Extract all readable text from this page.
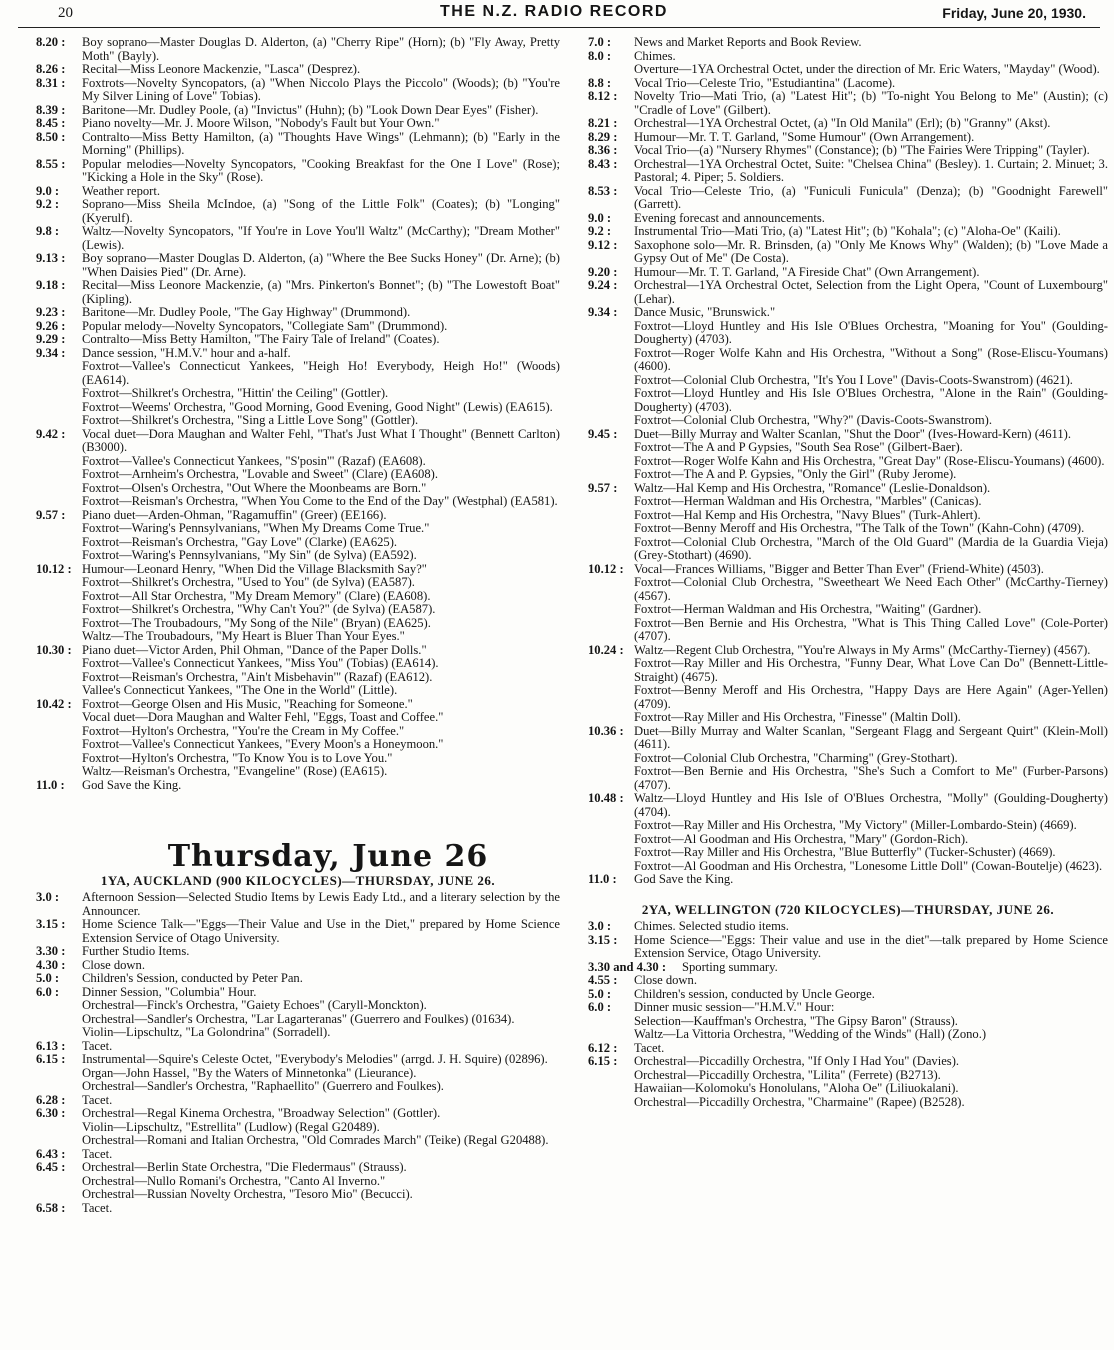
20	THE N.Z. RADIO RECORD	Friday, June 20, 1930.
8.20 : Boy soprano—Master Douglas D. Alderton, (a) "Cherry Ripe" (Horn); (b) "Fly Away, Pretty Moth" (Bayly).
8.26 : Recital—Miss Leonore Mackenzie, "Lasca" (Desprez).
8.31 : Foxtrots—Novelty Syncopators, (a) "When Niccolo Plays the Piccolo" (Woods); (b) "You're My Silver Lining of Love" Tobias).
8.39 : Baritone—Mr. Dudley Poole, (a) "Invictus" (Huhn); (b) "Look Down Dear Eyes" (Fisher).
8.45 : Piano novelty—Mr. J. Moore Wilson, "Nobody's Fault but Your Own."
8.50 : Contralto—Miss Betty Hamilton, (a) "Thoughts Have Wings" (Lehmann); (b) "Early in the Morning" (Phillips).
8.55 : Popular melodies—Novelty Syncopators, "Cooking Breakfast for the One I Love" (Rose); "Kicking a Hole in the Sky" (Rose).
9.0 : Weather report.
9.2 : Soprano—Miss Sheila McIndoe, (a) "Song of the Little Folk" (Coates); (b) "Longing" (Kyerulf).
9.8 : Waltz—Novelty Syncopators, "If You're in Love You'll Waltz" (McCarthy); "Dream Mother" (Lewis).
9.13 : Boy soprano—Master Douglas D. Alderton, (a) "Where the Bee Sucks Honey" (Dr. Arne); (b) "When Daisies Pied" (Dr. Arne).
9.18 : Recital—Miss Leonore Mackenzie, (a) "Mrs. Pinkerton's Bonnet"; (b) "The Lowestoft Boat" (Kipling).
9.23 : Baritone—Mr. Dudley Poole, "The Gay Highway" (Drummond).
9.26 : Popular melody—Novelty Syncopators, "Collegiate Sam" (Drummond).
9.29 : Contralto—Miss Betty Hamilton, "The Fairy Tale of Ireland" (Coates).
9.34 : Dance session, "H.M.V." hour and a-half.
Foxtrot—Vallee's Connecticut Yankees, "Heigh Ho! Everybody, Heigh Ho!" (Woods) (EA614).
Foxtrot—Shilkret's Orchestra, "Hittin' the Ceiling" (Gottler).
Foxtrot—Weems' Orchestra, "Good Morning, Good Evening, Good Night" (Lewis) (EA615).
Foxtrot—Shilkret's Orchestra, "Sing a Little Love Song" (Gottler).
9.42 : Vocal duet—Dora Maughan and Walter Fehl, "That's Just What I Thought" (Bennett Carlton) (B3000).
Foxtrot—Vallee's Connecticut Yankees, "S'posin'" (Razaf) (EA608).
Foxtrot—Arnheim's Orchestra, "Lovable and Sweet" (Clare) (EA608).
Foxtrot—Olsen's Orchestra, "Out Where the Moonbeams are Born."
Foxtrot—Reisman's Orchestra, "When You Come to the End of the Day" (Westphal) (EA581).
9.57 : Piano duet—Arden-Ohman, "Ragamuffin" (Greer) (EE166).
Foxtrot—Waring's Pennsylvanians, "When My Dreams Come True."
Foxtrot—Reisman's Orchestra, "Gay Love" (Clarke) (EA625).
Foxtrot—Waring's Pennsylvanians, "My Sin" (de Sylva) (EA592).
10.12 : Humour—Leonard Henry, "When Did the Village Blacksmith Say?"
Foxtrot—Shilkret's Orchestra, "Used to You" (de Sylva) (EA587).
Foxtrot—All Star Orchestra, "My Dream Memory" (Clare) (EA608).
Foxtrot—Shilkret's Orchestra, "Why Can't You?" (de Sylva) (EA587).
Foxtrot—The Troubadours, "My Song of the Nile" (Bryan) (EA625).
Waltz—The Troubadours, "My Heart is Bluer Than Your Eyes."
10.30 : Piano duet—Victor Arden, Phil Ohman, "Dance of the Paper Dolls."
Foxtrot—Vallee's Connecticut Yankees, "Miss You" (Tobias) (EA614).
Foxtrot—Reisman's Orchestra, "Ain't Misbehavin'" (Razaf) (EA612).
Vallee's Connecticut Yankees, "The One in the World" (Little).
10.42 : Foxtrot—George Olsen and His Music, "Reaching for Someone."
Vocal duet—Dora Maughan and Walter Fehl, "Eggs, Toast and Coffee."
Foxtrot—Hylton's Orchestra, "You're the Cream in My Coffee."
Foxtrot—Vallee's Connecticut Yankees, "Every Moon's a Honeymoon."
Foxtrot—Hylton's Orchestra, "To Know You is to Love You."
Waltz—Reisman's Orchestra, "Evangeline" (Rose) (EA615).
11.0 : God Save the King.
Thursday, June 26
1YA, AUCKLAND (900 KILOCYCLES)—THURSDAY, JUNE 26.
3.0 : Afternoon Session—Selected Studio Items by Lewis Eady Ltd., and a literary selection by the Announcer.
3.15 : Home Science Talk—"Eggs—Their Value and Use in the Diet," prepared by Home Science Extension Service of Otago University.
3.30 : Further Studio Items.
4.30 : Close down.
5.0 : Children's Session, conducted by Peter Pan.
6.0 : Dinner Session, "Columbia" Hour.
Orchestral—Finck's Orchestra, "Gaiety Echoes" (Caryll-Monckton).
Orchestral—Sandler's Orchestra, "Lar Lagarteranas" (Guerrero and Foulkes) (01634).
Violin—Lipschultz, "La Golondrina" (Sorradell).
6.13 : Tacet.
6.15 : Instrumental—Squire's Celeste Octet, "Everybody's Melodies" (arrgd. J. H. Squire) (02896).
Organ—John Hassel, "By the Waters of Minnetonka" (Lieurance).
Orchestral—Sandler's Orchestra, "Raphaellito" (Guerrero and Foulkes).
6.28 : Tacet.
6.30 : Orchestral—Regal Kinema Orchestra, "Broadway Selection" (Gottler).
Violin—Lipschultz, "Estrellita" (Ludlow) (Regal G20489).
Orchestral—Romani and Italian Orchestra, "Old Comrades March" (Teike) (Regal G20488).
6.43 : Tacet.
6.45 : Orchestral—Berlin State Orchestra, "Die Fledermaus" (Strauss).
Orchestral—Nullo Romani's Orchestra, "Canto Al Inverno."
Orchestral—Russian Novelty Orchestra, "Tesoro Mio" (Becucci).
6.58 : Tacet.
7.0 : News and Market Reports and Book Review.
8.0 : Chimes.
Overture—1YA Orchestral Octet, under the direction of Mr. Eric Waters, "Mayday" (Wood).
8.8 : Vocal Trio—Celeste Trio, "Estudiantina" (Lacome).
8.12 : Novelty Trio—Mati Trio, (a) "Latest Hit"; (b) "To-night You Belong to Me" (Austin); (c) "Cradle of Love" (Gilbert).
8.21 : Orchestral—1YA Orchestral Octet, (a) "In Old Manila" (Erl); (b) "Granny" (Akst).
8.29 : Humour—Mr. T. T. Garland, "Some Humour" (Own Arrangement).
8.36 : Vocal Trio—(a) "Nursery Rhymes" (Constance); (b) "The Fairies Were Tripping" (Tayler).
8.43 : Orchestral—1YA Orchestral Octet, Suite: "Chelsea China" (Besley). 1. Curtain; 2. Minuet; 3. Pastoral; 4. Piper; 5. Soldiers.
8.53 : Vocal Trio—Celeste Trio, (a) "Funiculi Funicula" (Denza); (b) "Goodnight Farewell" (Garrett).
9.0 : Evening forecast and announcements.
9.2 : Instrumental Trio—Mati Trio, (a) "Latest Hit"; (b) "Kohala"; (c) "Aloha-Oe" (Kaili).
9.12 : Saxophone solo—Mr. R. Brinsden, (a) "Only Me Knows Why" (Walden); (b) "Love Made a Gypsy Out of Me" (De Costa).
9.20 : Humour—Mr. T. T. Garland, "A Fireside Chat" (Own Arrangement).
9.24 : Orchestral—1YA Orchestral Octet, Selection from the Light Opera, "Count of Luxembourg" (Lehar).
9.34 : Dance Music, "Brunswick."
Foxtrot—Lloyd Huntley and His Isle O'Blues Orchestra, "Moaning for You" (Goulding-Dougherty) (4703).
Foxtrot—Roger Wolfe Kahn and His Orchestra, "Without a Song" (Rose-Eliscu-Youmans) (4600).
Foxtrot—Colonial Club Orchestra, "It's You I Love" (Davis-Coots-Swanstrom) (4621).
Foxtrot—Lloyd Huntley and His Isle O'Blues Orchestra, "Alone in the Rain" (Goulding-Dougherty) (4703).
Foxtrot—Colonial Club Orchestra, "Why?" (Davis-Coots-Swanstrom).
9.45 : Duet—Billy Murray and Walter Scanlan, "Shut the Door" (Ives-Howard-Kern) (4611).
Foxtrot—The A and P Gypsies, "South Sea Rose" (Gilbert-Baer).
Foxtrot—Roger Wolfe Kahn and His Orchestra, "Great Day" (Rose-Eliscu-Youmans) (4600).
Foxtrot—The A and P. Gypsies, "Only the Girl" (Ruby Jerome).
9.57 : Waltz—Hal Kemp and His Orchestra, "Romance" (Leslie-Donaldson).
Foxtrot—Herman Waldman and His Orchestra, "Marbles" (Canicas).
Foxtrot—Hal Kemp and His Orchestra, "Navy Blues" (Turk-Ahlert).
Foxtrot—Benny Meroff and His Orchestra, "The Talk of the Town" (Kahn-Cohn) (4709).
Foxtrot—Colonial Club Orchestra, "March of the Old Guard" (Mardia de la Guardia Vieja) (Grey-Stothart) (4690).
10.12 : Vocal—Frances Williams, "Bigger and Better Than Ever" (Friend-White) (4503).
Foxtrot—Colonial Club Orchestra, "Sweetheart We Need Each Other" (McCarthy-Tierney) (4567).
Foxtrot—Herman Waldman and His Orchestra, "Waiting" (Gardner).
Foxtrot—Ben Bernie and His Orchestra, "What is This Thing Called Love" (Cole-Porter) (4707).
10.24 : Waltz—Regent Club Orchestra, "You're Always in My Arms" (McCarthy-Tierney) (4567).
Foxtrot—Ray Miller and His Orchestra, "Funny Dear, What Love Can Do" (Bennett-Little-Straight) (4675).
Foxtrot—Benny Meroff and His Orchestra, "Happy Days are Here Again" (Ager-Yellen) (4709).
Foxtrot—Ray Miller and His Orchestra, "Finesse" (Maltin Doll).
10.36 : Duet—Billy Murray and Walter Scanlan, "Sergeant Flagg and Sergeant Quirt" (Klein-Moll) (4611).
Foxtrot—Colonial Club Orchestra, "Charming" (Grey-Stothart).
Foxtrot—Ben Bernie and His Orchestra, "She's Such a Comfort to Me" (Furber-Parsons) (4707).
10.48 : Waltz—Lloyd Huntley and His Isle of O'Blues Orchestra, "Molly" (Goulding-Dougherty) (4704).
Foxtrot—Ray Miller and His Orchestra, "My Victory" (Miller-Lombardo-Stein) (4669).
Foxtrot—Al Goodman and His Orchestra, "Mary" (Gordon-Rich).
Foxtrot—Ray Miller and His Orchestra, "Blue Butterfly" (Tucker-Schuster) (4669).
Foxtrot—Al Goodman and His Orchestra, "Lonesome Little Doll" (Cowan-Boutelje) (4623).
11.0 : God Save the King.
2YA, WELLINGTON (720 KILOCYCLES)—THURSDAY, JUNE 26.
3.0 : Chimes. Selected studio items.
3.15 : Home Science—"Eggs: Their value and use in the diet"—talk prepared by Home Science Extension Service, Otago University.
3.30 and 4.30 : Sporting summary.
4.55 : Close down.
5.0 : Children's session, conducted by Uncle George.
6.0 : Dinner music session—"H.M.V." Hour:
Selection—Kauffman's Orchestra, "The Gipsy Baron" (Strauss).
Waltz—La Vittoria Orchestra, "Wedding of the Winds" (Hall) (Zono.)
6.12 : Tacet.
6.15 : Orchestral—Piccadilly Orchestra, "If Only I Had You" (Davies).
Orchestral—Piccadilly Orchestra, "Lilita" (Ferrete) (B2713).
Hawaiian—Kolomoku's Honolulans, "Aloha Oe" (Liliuokalani).
Orchestral—Piccadilly Orchestra, "Charmaine" (Rapee) (B2528).
